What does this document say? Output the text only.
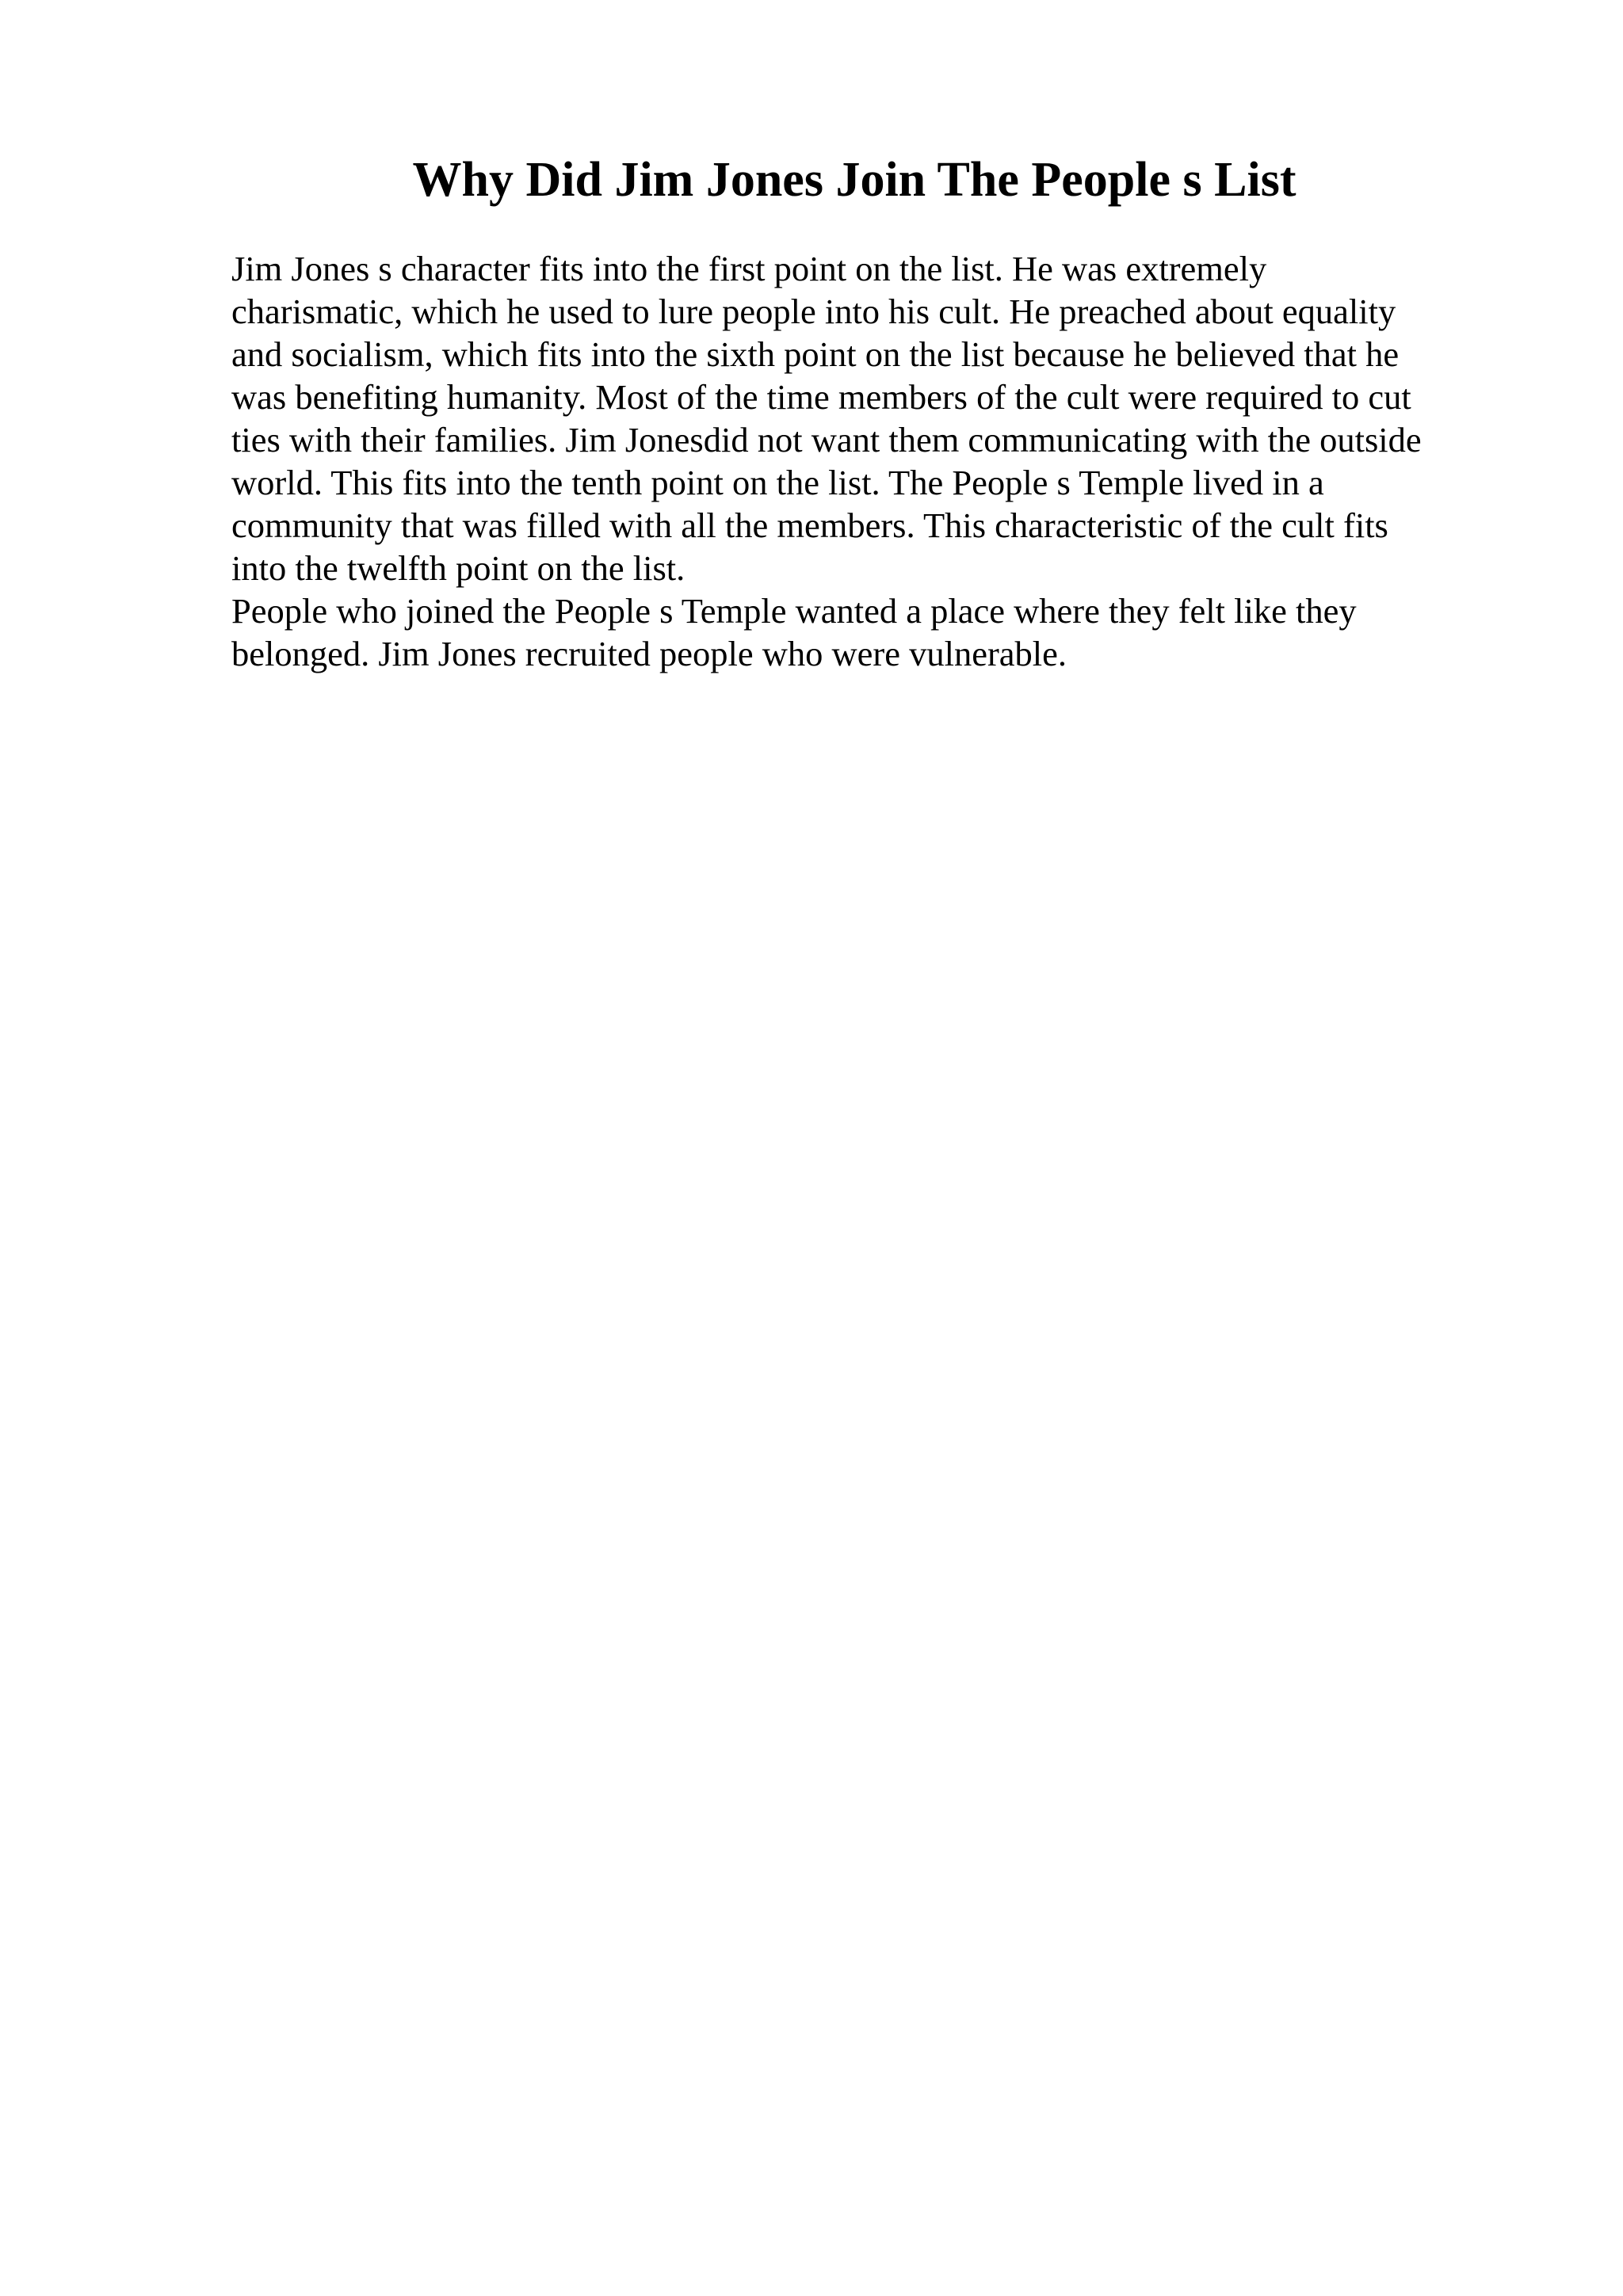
Why Did Jim Jones Join The People s List

Jim Jones s character fits into the first point on the list. He was extremely
charismatic, which he used to lure people into his cult. He preached about equality
and socialism, which fits into the sixth point on the list because he believed that he
was benefiting humanity. Most of the time members of the cult were required to cut
ties with their families. Jim Jonesdid not want them communicating with the outside
world. This fits into the tenth point on the list. The People s Temple lived in a
community that was filled with all the members. This characteristic of the cult fits
into the twelfth point on the list.

People who joined the People s Temple wanted a place where they felt like they
belonged. Jim Jones recruited people who were vulnerable.
